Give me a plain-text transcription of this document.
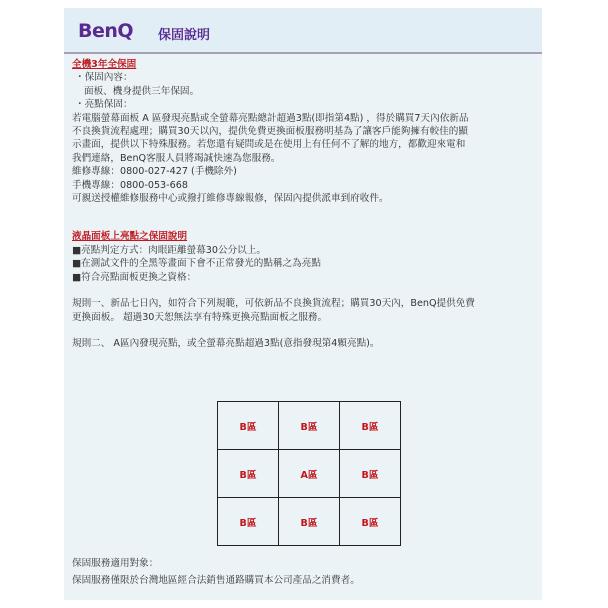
BenQ 保固說明

全機3年全保固

・保固內容：

面板、機身提供三年保固。

・亮點保固：

若電腦螢幕面板 A 區發現亮點或全螢幕亮點總計超過3點(即指第4點) ，得於購買7天內依新品

不良換貨流程處理；購買30天以內，提供免費更換面板服務明基為了讓客戶能夠擁有較佳的顯

示畫面，提供以下特殊服務。若您還有疑問或是在使用上有任何不了解的地方，都歡迎來電和

我們連絡，BenQ客服人員將竭誠快速為您服務。

維修專線：0800-027-427 (手機除外)

手機專線：0800-053-668

可親送授權維修服務中心或撥打維修專線報修，保固內提供派車到府收件。

液晶面板上亮點之保固說明

■亮點判定方式：肉眼距離螢幕30公分以上。

■在測試文件的全黑等畫面下會不正常發光的點稱之為亮點

■符合亮點面板更換之資格：

規則一、新品七日內，如符合下列規範，可依新品不良換貨流程；購買30天內，BenQ提供免費

更換面板。 超過30天恕無法享有特殊更換亮點面板之服務。

規則二、 A區內發現亮點，或全螢幕亮點超過3點(意指發現第4顆亮點)。

B區	B區	B區
B區	A區	B區
B區	B區	B區

保固服務適用對象：

保固服務僅限於台灣地區經合法銷售通路購買本公司產品之消費者。
